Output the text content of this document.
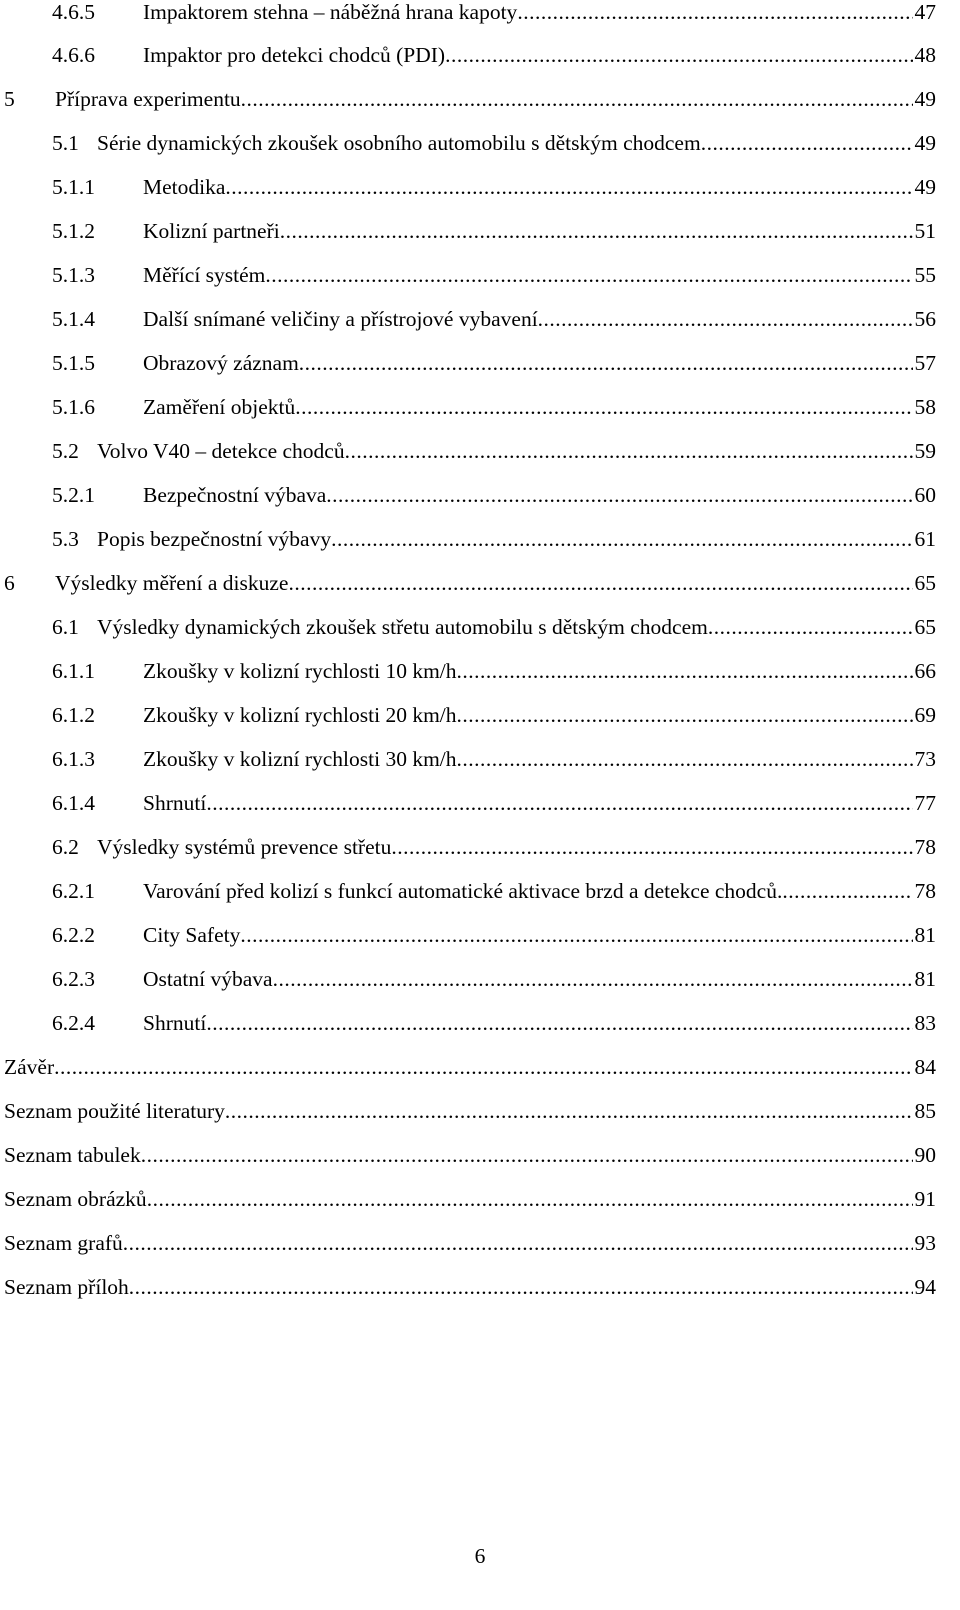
4.6.5 Impaktorem stehna – náběžná hrana kapoty .....	47
4.6.6 Impaktor pro detekci chodců (PDI) .....	48
5 Příprava experimentu .....	49
5.1 Série dynamických zkoušek osobního automobilu s dětským chodcem .....	49
5.1.1 Metodika .....	49
5.1.2 Kolizní partneři .....	51
5.1.3 Měřící systém .....	55
5.1.4 Další snímané veličiny a přístrojové vybavení .....	56
5.1.5 Obrazový záznam .....	57
5.1.6 Zaměření objektů .....	58
5.2 Volvo V40 – detekce chodců .....	59
5.2.1 Bezpečnostní výbava .....	60
5.3 Popis bezpečnostní výbavy .....	61
6 Výsledky měření a diskuze .....	65
6.1 Výsledky dynamických zkoušek střetu automobilu s dětským chodcem .....	65
6.1.1 Zkoušky v kolizní rychlosti 10 km/h .....	66
6.1.2 Zkoušky v kolizní rychlosti 20 km/h .....	69
6.1.3 Zkoušky v kolizní rychlosti 30 km/h .....	73
6.1.4 Shrnutí .....	77
6.2 Výsledky systémů prevence střetu .....	78
6.2.1 Varování před kolizí s funkcí automatické aktivace brzd a detekce chodců. .....	78
6.2.2 City Safety .....	81
6.2.3 Ostatní výbava .....	81
6.2.4 Shrnutí .....	83
Závěr .....	84
Seznam použité literatury .....	85
Seznam tabulek .....	90
Seznam obrázků .....	91
Seznam grafů .....	93
Seznam příloh .....	94
6
